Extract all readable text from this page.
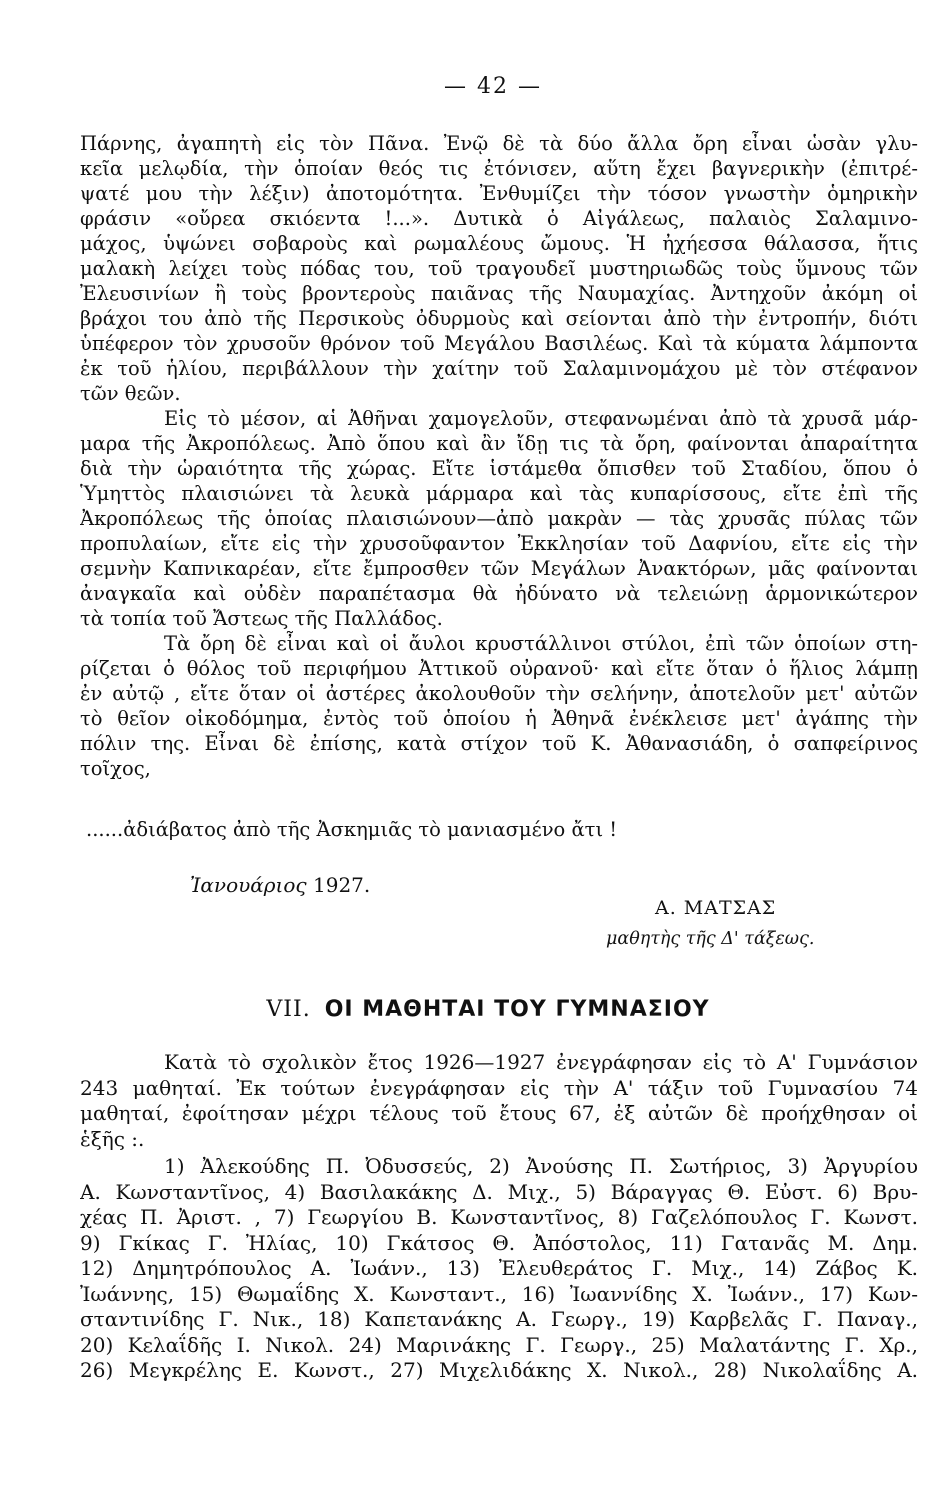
— 42 —
Πάρνης, ἀγαπητὴ εἰς τὸν Πᾶνα. Ἐνῷ δὲ τὰ δύο ἄλλα ὄρη εἶναι ὡσὰν γλυ-
κεῖα μελῳδία, τὴν ὁποίαν θεός τις ἐτόνισεν, αὕτη ἔχει βαγνερικὴν (ἐπιτρέ-
ψατέ μου τὴν λέξιν) ἀποτομότητα. Ἐνθυμίζει τὴν τόσον γνωστὴν ὁμηρικὴν
φράσιν «οὔρεα σκιόεντα !...». Δυτικὰ ὁ Αἰγάλεως, παλαιὸς Σαλαμινο-
μάχος, ὑψώνει σοβαροὺς καὶ ρωμαλέους ὤμους. Ἡ ἠχήεσσα θάλασσα, ἥτις
μαλακὴ λείχει τοὺς πόδας του, τοῦ τραγουδεῖ μυστηριωδῶς τοὺς ὕμνους τῶν
Ἐλευσινίων ἢ τοὺς βροντεροὺς παιᾶνας τῆς Ναυμαχίας. Ἀντηχοῦν ἀκόμη οἱ
βράχοι του ἀπὸ τῆς Περσικοὺς ὀδυρμοὺς καὶ σείονται ἀπὸ τὴν ἐντροπήν, διότι
ὑπέφερον τὸν χρυσοῦν θρόνον τοῦ Μεγάλου Βασιλέως. Καὶ τὰ κύματα λάμποντα
ἐκ τοῦ ἡλίου, περιβάλλουν τὴν χαίτην τοῦ Σαλαμινομάχου μὲ τὸν στέφανον
τῶν θεῶν.
Εἰς τὸ μέσον, αἱ Ἀθῆναι χαμογελοῦν, στεφανωμέναι ἀπὸ τὰ χρυσᾶ μάρ-
μαρα τῆς Ἀκροπόλεως. Ἀπὸ ὅπου καὶ ἂν ἴδῃ τις τὰ ὄρη, φαίνονται ἀπαραίτητα
διὰ τὴν ὡραιότητα τῆς χώρας. Εἴτε ἱστάμεθα ὄπισθεν τοῦ Σταδίου, ὅπου ὁ
Ὑμηττὸς πλαισιώνει τὰ λευκὰ μάρμαρα καὶ τὰς κυπαρίσσους, εἴτε ἐπὶ τῆς
Ἀκροπόλεως τῆς ὁποίας πλαισιώνουν—ἀπὸ μακρὰν — τὰς χρυσᾶς πύλας τῶν
προπυλαίων, εἴτε εἰς τὴν χρυσοῦφαντον Ἐκκλησίαν τοῦ Δαφνίου, εἴτε εἰς τὴν
σεμνὴν Καπνικαρέαν, εἴτε ἔμπροσθεν τῶν Μεγάλων Ἀνακτόρων, μᾶς φαίνονται
ἀναγκαῖα καὶ οὐδὲν παραπέτασμα θὰ ἠδύνατο νὰ τελειώνῃ ἁρμονικώτερον
τὰ τοπία τοῦ Ἄστεως τῆς Παλλάδος.
Τὰ ὄρη δὲ εἶναι καὶ οἱ ἄυλοι κρυστάλλινοι στύλοι, ἐπὶ τῶν ὁποίων στη-
ρίζεται ὁ θόλος τοῦ περιφήμου Ἀττικοῦ οὐρανοῦ· καὶ εἴτε ὅταν ὁ ἥλιος λάμπῃ
ἐν αὐτῷ , εἴτε ὅταν οἱ ἀστέρες ἀκολουθοῦν τὴν σελήνην, ἀποτελοῦν μετ' αὐτῶν
τὸ θεῖον οἰκοδόμημα, ἐντὸς τοῦ ὁποίου ἡ Ἀθηνᾶ ἐνέκλεισε μετ' ἀγάπης τὴν
πόλιν της. Εἶναι δὲ ἐπίσης, κατὰ στίχον τοῦ Κ. Ἀθανασιάδη, ὁ σαπφείρινος
τοῖχος,
......ἀδιάβατος ἀπὸ τῆς Ἀσκημιᾶς τὸ μανιασμένο ἄτι !
Ἰανουάριος 1927.
Α. ΜΑΤΣΑΣ
μαθητὴς τῆς Δ' τάξεως.
VII. ΟΙ ΜΑΘΗΤΑΙ ΤΟΥ ΓΥΜΝΑΣΙΟΥ
Κατὰ τὸ σχολικὸν ἔτος 1926—1927 ἐνεγράφησαν εἰς τὸ Α' Γυμνάσιον
243 μαθηταί. Ἐκ τούτων ἐνεγράφησαν εἰς τὴν Α' τάξιν τοῦ Γυμνασίου 74
μαθηταί, ἐφοίτησαν μέχρι τέλους τοῦ ἔτους 67, ἐξ αὐτῶν δὲ προήχθησαν οἱ
ἑξῆς :.
1) Ἀλεκούδης Π. Ὀδυσσεύς, 2) Ἀνούσης Π. Σωτήριος, 3) Ἀργυρίου
Α. Κωνσταντῖνος, 4) Βασιλακάκης Δ. Μιχ., 5) Βάραγγας Θ. Εὐστ. 6) Βρυ-
χέας Π. Ἀριστ. , 7) Γεωργίου Β. Κωνσταντῖνος, 8) Γαζελόπουλος Γ. Κωνστ.
9) Γκίκας Γ. Ἠλίας, 10) Γκάτσος Θ. Ἀπόστολος, 11) Γατανᾶς Μ. Δημ.
12) Δημητρόπουλος Α. Ἰωάνν., 13) Ἐλευθεράτος Γ. Μιχ., 14) Ζάβος Κ.
Ἰωάννης, 15) Θωμαΐδης Χ. Κωνσταντ., 16) Ἰωαννίδης Χ. Ἰωάνν., 17) Κων-
σταντινίδης Γ. Νικ., 18) Καπετανάκης Α. Γεωργ., 19) Καρβελᾶς Γ. Παναγ.,
20) Κελαΐδῆς Ι. Νικολ. 24) Μαρινάκης Γ. Γεωργ., 25) Μαλατάντης Γ. Χρ.,
26) Μεγκρέλης Ε. Κωνστ., 27) Μιχελιδάκης Χ. Νικολ., 28) Νικολαΐδης Α.
